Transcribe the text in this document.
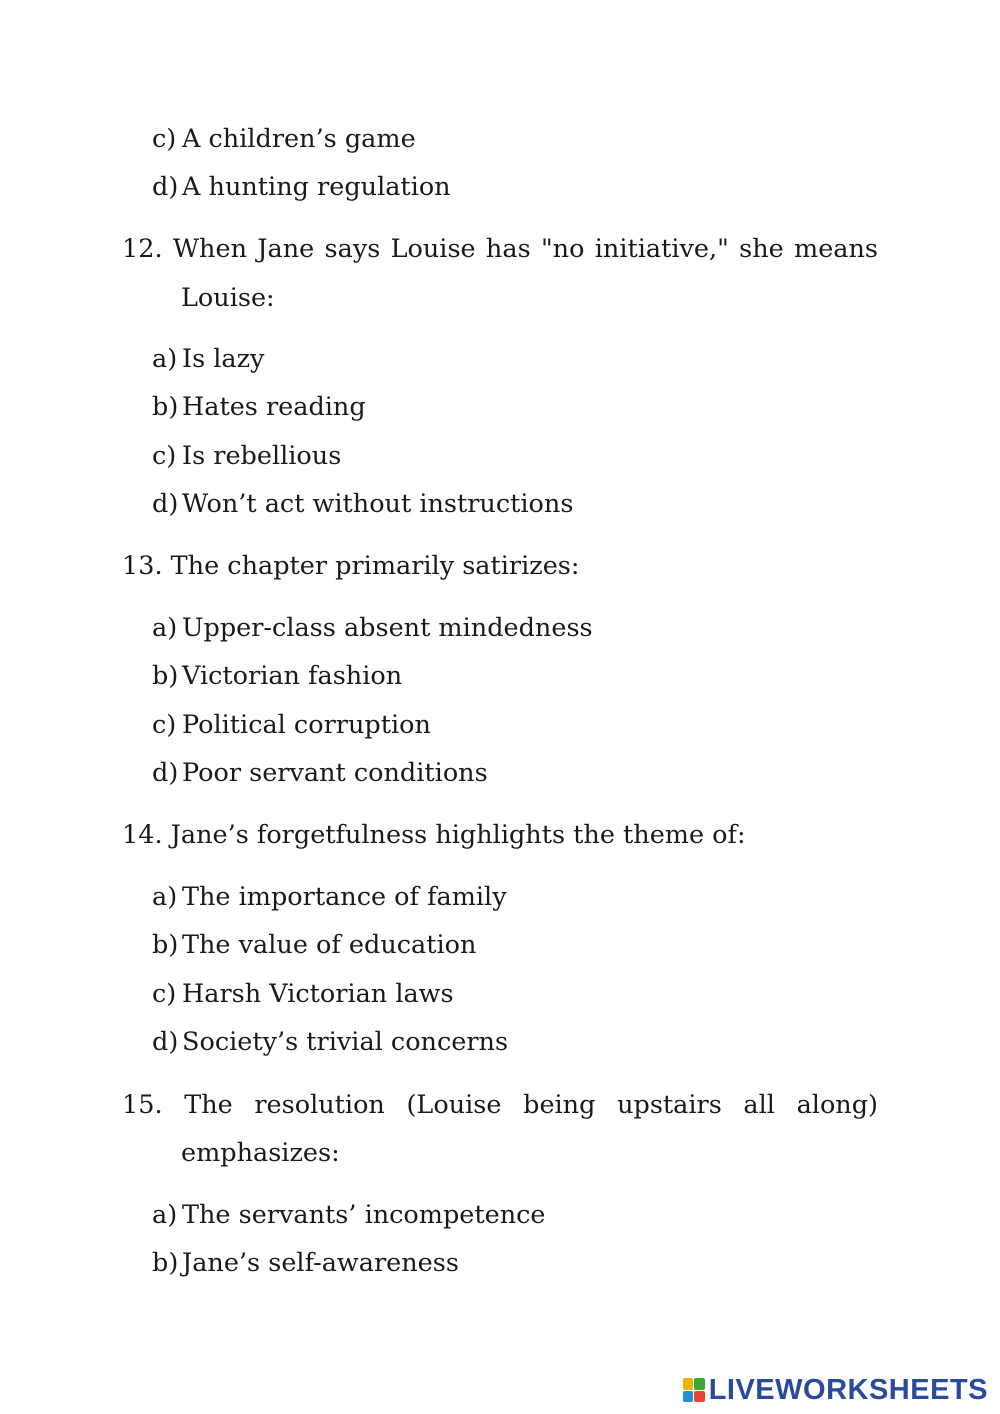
c) A children’s game
d) A hunting regulation
12. When Jane says Louise has "no initiative," she means
Louise:
a) Is lazy
b) Hates reading
c) Is rebellious
d) Won’t act without instructions
13. The chapter primarily satirizes:
a) Upper-class absent mindedness
b) Victorian fashion
c) Political corruption
d) Poor servant conditions
14. Jane’s forgetfulness highlights the theme of:
a) The importance of family
b) The value of education
c) Harsh Victorian laws
d) Society’s trivial concerns
15. The resolution (Louise being upstairs all along)
emphasizes:
a) The servants’ incompetence
b) Jane’s self-awareness
LIVEWORKSHEETS
